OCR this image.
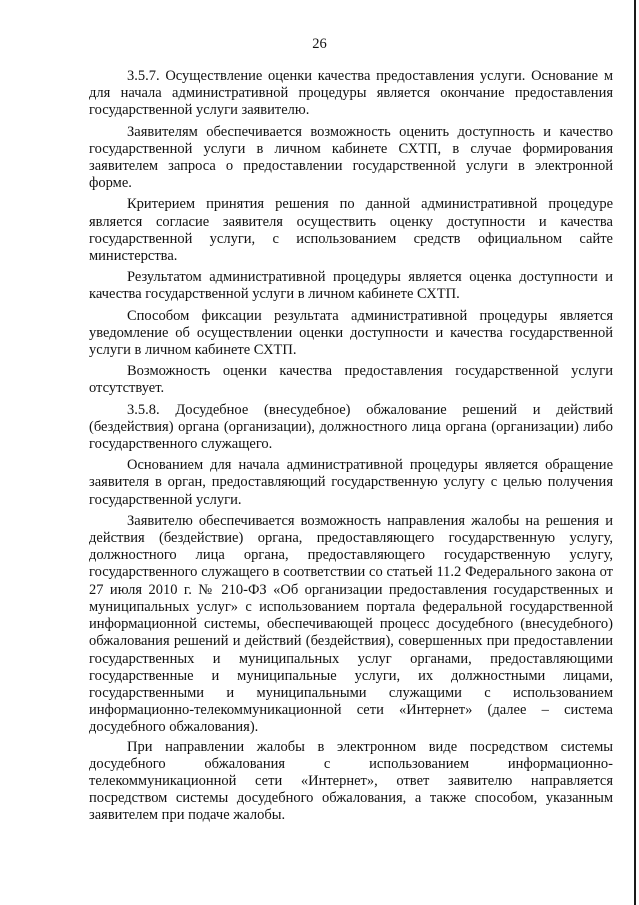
26

3.5.7. Осуществление оценки качества предоставления услуги. Основание м для начала административной процедуры является окончание предоставления государственной услуги заявителю.

Заявителям обеспечивается возможность оценить доступность и качество государственной услуги в личном кабинете СХТП, в случае формирования заявителем запроса о предоставлении государственной услуги в электронной форме.

Критерием принятия решения по данной административной процедуре является согласие заявителя осуществить оценку доступности и качества государственной услуги, с использованием средств официальном сайте министерства.

Результатом административной процедуры является оценка доступности и качества государственной услуги в личном кабинете СХТП.

Способом фиксации результата административной процедуры является уведомление об осуществлении оценки доступности и качества государственной услуги в личном кабинете СХТП.

Возможность оценки качества предоставления государственной услуги отсутствует.

3.5.8. Досудебное (внесудебное) обжалование решений и действий (бездействия) органа (организации), должностного лица органа (организации) либо государственного служащего.

Основанием для начала административной процедуры является обращение заявителя в орган, предоставляющий государственную услугу с целью получения государственной услуги.

Заявителю обеспечивается возможность направления жалобы на решения и действия (бездействие) органа, предоставляющего государственную услугу, должностного лица органа, предоставляющего государственную услугу, государственного служащего в соответствии со статьей 11.2 Федерального закона от 27 июля 2010 г. № 210-ФЗ «Об организации предоставления государственных и муниципальных услуг» с использованием портала федеральной государственной информационной системы, обеспечивающей процесс досудебного (внесудебного) обжалования решений и действий (бездействия), совершенных при предоставлении государственных и муниципальных услуг органами, предоставляющими государственные и муниципальные услуги, их должностными лицами, государственными и муниципальными служащими с использованием информационно-телекоммуникационной сети «Интернет» (далее – система досудебного обжалования).

При направлении жалобы в электронном виде посредством системы досудебного обжалования с использованием информационно-телекоммуникационной сети «Интернет», ответ заявителю направляется посредством системы досудебного обжалования, а также способом, указанным заявителем при подаче жалобы.
